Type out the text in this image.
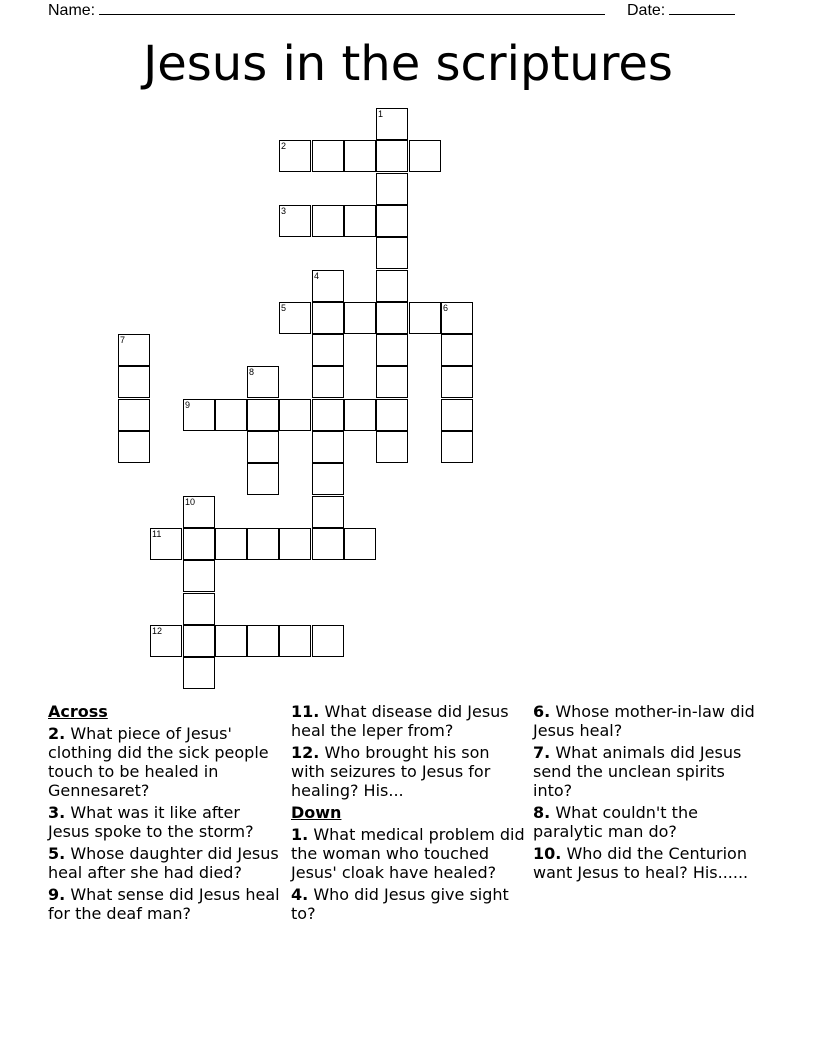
Name:	Date:
Jesus in the scriptures
1
2
3
4
5	6
7
8
9
10
11
12
Across
2. What piece of Jesus' clothing did the sick people touch to be healed in Gennesaret?
3. What was it like after Jesus spoke to the storm?
5. Whose daughter did Jesus heal after she had died?
9. What sense did Jesus heal for the deaf man?
11. What disease did Jesus heal the leper from?
12. Who brought his son with seizures to Jesus for healing? His...
Down
1. What medical problem did the woman who touched Jesus' cloak have healed?
4. Who did Jesus give sight to?
6. Whose mother-in-law did Jesus heal?
7. What animals did Jesus send the unclean spirits into?
8. What couldn't the paralytic man do?
10. Who did the Centurion want Jesus to heal? His......
